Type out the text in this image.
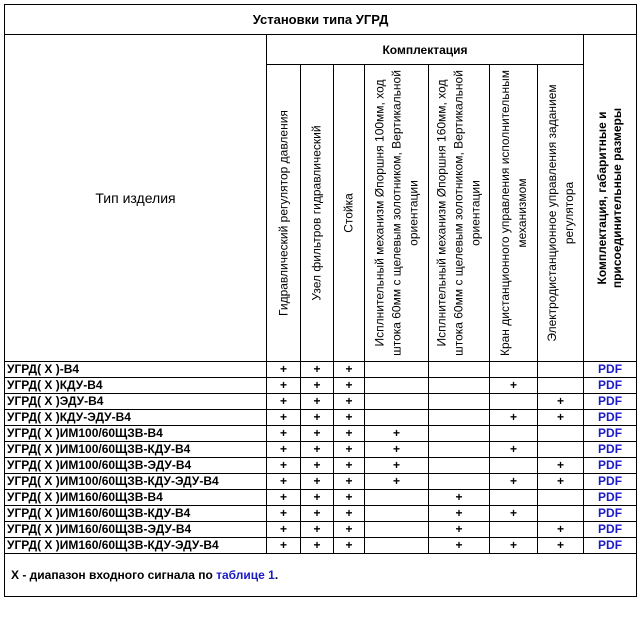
Установки типа УГРД								
Тип изделия	Комплектация							Комплектация, габаритные и присоединительные размеры

	Гидравлический регулятор давления	Узел фильтров гидравлический	Стойка	Исплнительный механизм Øпоршня 100мм, ход штока 60мм с щелевым золотником, Вертикальной ориентации	Исплнительный механизм Øпоршня 160мм, ход штока 60мм с щелевым золотником, Вертикальной ориентации	Кран дистанционного управления исполнительным механизмом	Электродистанционное управления заданием регулятора	

УГРД( Х )-В4	+	+	+					PDF
УГРД( Х )КДУ-В4	+	+	+			+		PDF
УГРД( Х )ЭДУ-В4	+	+	+				+	PDF
УГРД( Х )КДУ-ЭДУ-В4	+	+	+			+	+	PDF
УГРД( Х )ИМ100/60ЩЗВ-В4	+	+	+	+				PDF
УГРД( Х )ИМ100/60ЩЗВ-КДУ-В4	+	+	+	+		+		PDF
УГРД( Х )ИМ100/60ЩЗВ-ЭДУ-В4	+	+	+	+			+	PDF
УГРД( Х )ИМ100/60ЩЗВ-КДУ-ЭДУ-В4	+	+	+	+		+	+	PDF
УГРД( Х )ИМ160/60ЩЗВ-В4	+	+	+		+			PDF
УГРД( Х )ИМ160/60ЩЗВ-КДУ-В4	+	+	+		+	+		PDF
УГРД( Х )ИМ160/60ЩЗВ-ЭДУ-В4	+	+	+		+		+	PDF
УГРД( Х )ИМ160/60ЩЗВ-КДУ-ЭДУ-В4	+	+	+		+	+	+	PDF
Х - диапазон входного сигнала по таблице 1.								
